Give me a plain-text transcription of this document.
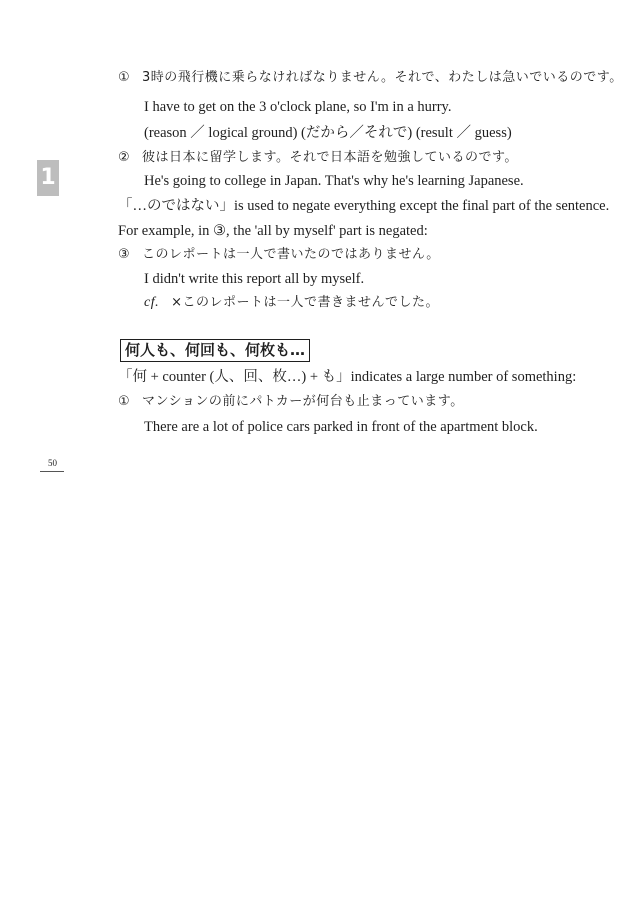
1
① 3時の飛行機に乗らなければなりません。それで、わたしは急いでいるのです。
I have to get on the 3 o'clock plane, so I'm in a hurry.
(reason ／ logical ground) (だから／それで) (result ／ guess)
② 彼は日本に留学します。それで日本語を勉強しているのです。
He's going to college in Japan. That's why he's learning Japanese.
「…のではない」is used to negate everything except the final part of the sentence.
For example, in ③, the 'all by myself' part is negated:
③ このレポートは一人で書いたのではありません。
I didn't write this report all by myself.
cf. ×このレポートは一人で書きませんでした。
何人も、何回も、何枚も…
「何 + counter (人、回、枚…) + も」indicates a large number of something:
① マンションの前にパトカーが何台も止まっています。
There are a lot of police cars parked in front of the apartment block.
50
